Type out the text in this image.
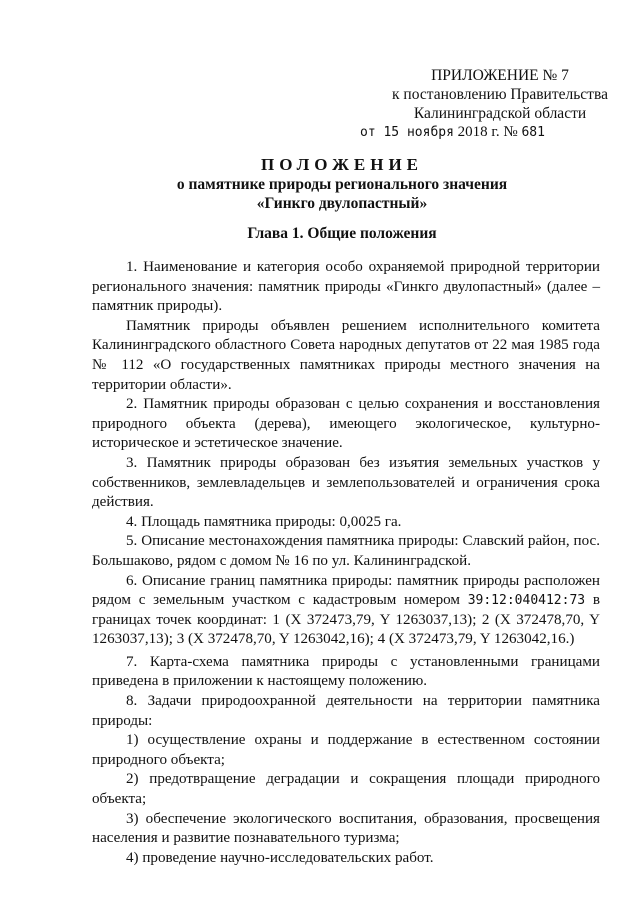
ПРИЛОЖЕНИЕ № 7
к постановлению Правительства
Калининградской области
от 15 ноября 2018 г. № 681
ПОЛОЖЕНИЕ
о памятнике природы регионального значения
«Гинкго двулопастный»
Глава 1. Общие положения

1. Наименование и категория особо охраняемой природной территории регионального значения: памятник природы «Гинкго двулопастный» (далее – памятник природы).

Памятник природы объявлен решением исполнительного комитета Калининградского областного Совета народных депутатов от 22 мая 1985 года № 112 «О государственных памятниках природы местного значения на территории области».

2. Памятник природы образован с целью сохранения и восстановления природного объекта (дерева), имеющего экологическое, культурно-историческое и эстетическое значение.

3. Памятник природы образован без изъятия земельных участков у собственников, землевладельцев и землепользователей и ограничения срока действия.

4. Площадь памятника природы: 0,0025 га.

5. Описание местонахождения памятника природы: Славский район, пос. Большаково, рядом с домом № 16 по ул. Калининградской.

6. Описание границ памятника природы: памятник природы расположен рядом с земельным участком с кадастровым номером 39:12:040412:73 в границах точек координат: 1 (X 372473,79, Y 1263037,13); 2 (X 372478,70, Y 1263037,13); 3 (X 372478,70, Y 1263042,16); 4 (X 372473,79, Y 1263042,16.)

7. Карта-схема памятника природы с установленными границами приведена в приложении к настоящему положению.

8. Задачи природоохранной деятельности на территории памятника природы:

1) осуществление охраны и поддержание в естественном состоянии природного объекта;

2) предотвращение деградации и сокращения площади природного объекта;

3) обеспечение экологического воспитания, образования, просвещения населения и развитие познавательного туризма;

4) проведение научно-исследовательских работ.
